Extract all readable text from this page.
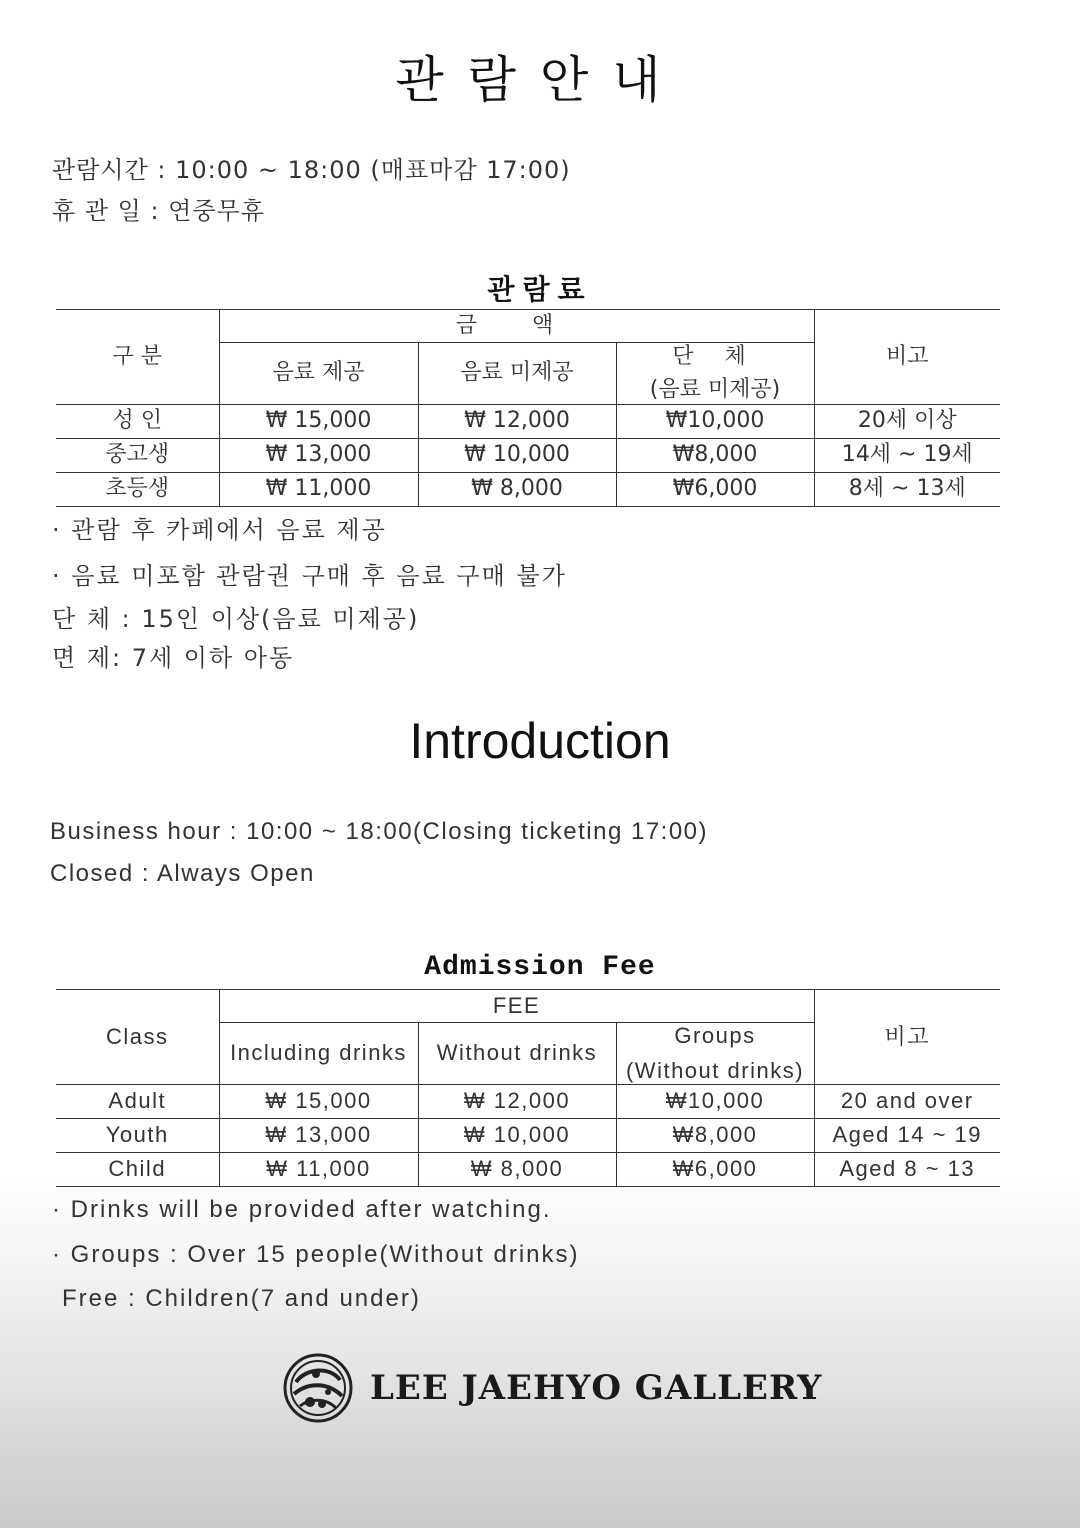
관람안내
관람시간 : 10:00 ~ 18:00 (매표마감 17:00)
휴 관 일 : 연중무휴
관람료
구 분	금 액			비고
	음료 제공	음료 미제공	단 체
(음료 미제공)	

성 인	₩ 15,000	₩ 12,000	₩10,000	20세 이상
중고생	₩ 13,000	₩ 10,000	₩8,000	14세 ~ 19세
초등생	₩ 11,000	₩ 8,000	₩6,000	8세 ~ 13세
· 관람 후 카페에서 음료 제공
· 음료 미포함 관람권 구매 후 음료 구매 불가
단 체 : 15인 이상(음료 미제공)
면 제: 7세 이하 아동
Introduction
Business hour : 10:00 ~ 18:00(Closing ticketing 17:00)
Closed : Always Open
Admission Fee
Class	FEE			비고
	Including drinks	Without drinks	Groups
(Without drinks)	

Adult	₩ 15,000	₩ 12,000	₩10,000	20 and over
Youth	₩ 13,000	₩ 10,000	₩8,000	Aged 14 ~ 19
Child	₩ 11,000	₩ 8,000	₩6,000	Aged 8 ~ 13
· Drinks will be provided after watching.
· Groups : Over 15 people(Without drinks)
Free : Children(7 and under)
LEE JAEHYO GALLERY
